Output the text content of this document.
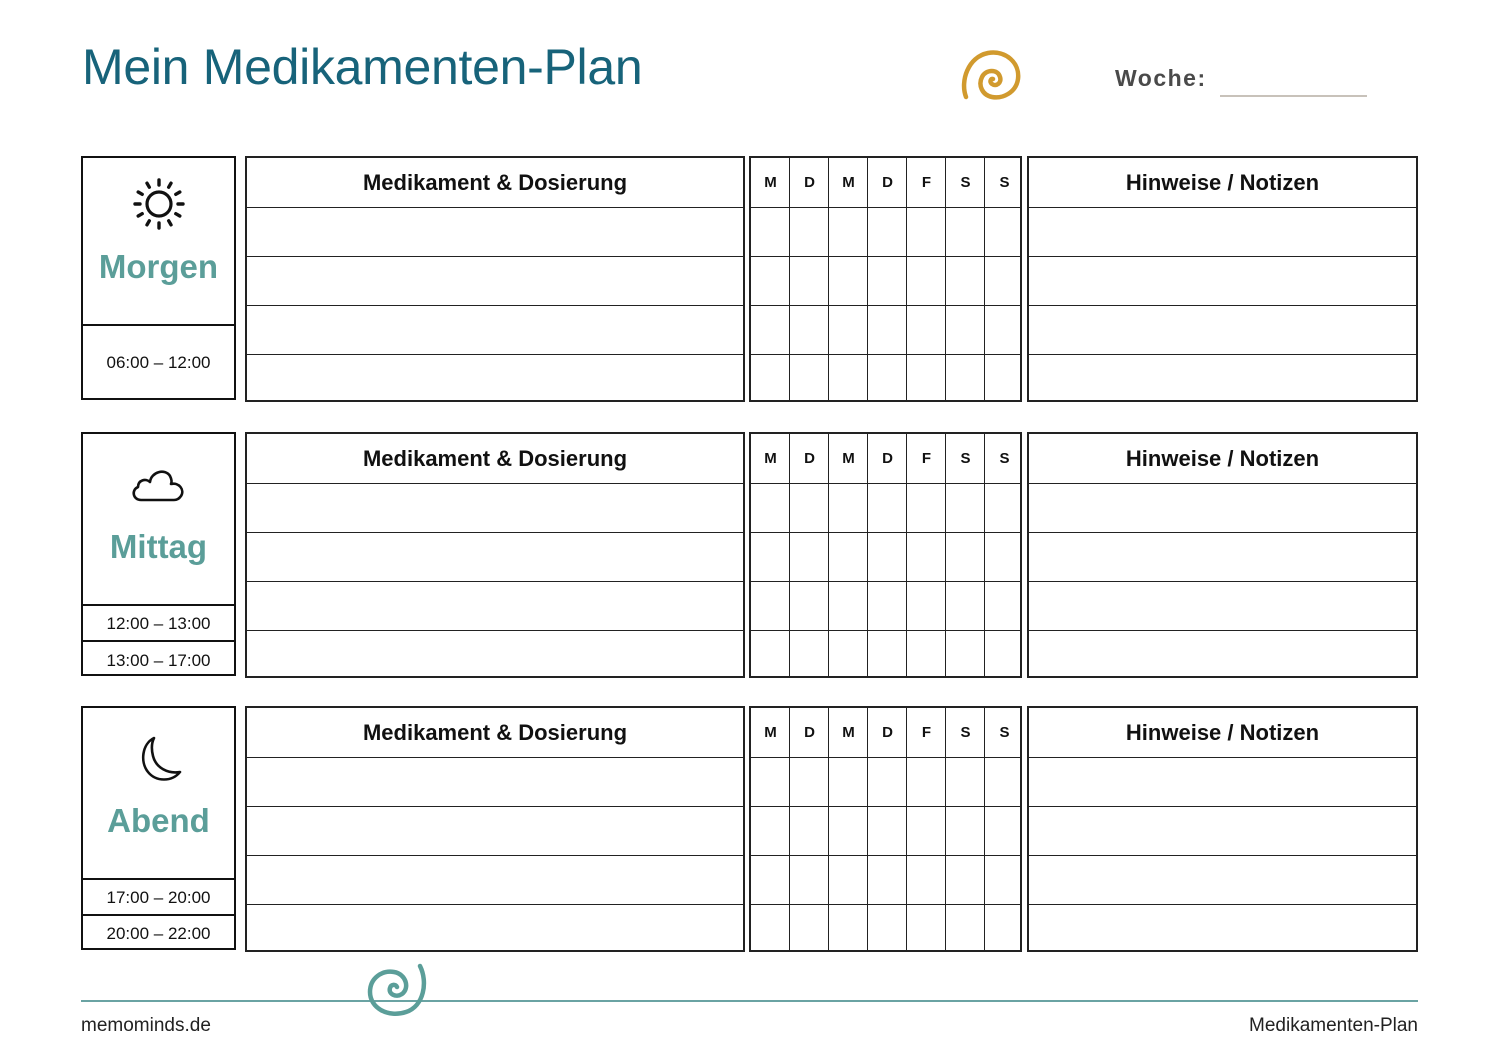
Mein Medikamenten-Plan	Woche:
Morgen
06:00 – 12:00
Medikament & Dosierung	M	D	M	D	F	S	S	Hinweise / Notizen
Mittag
12:00 – 13:00
13:00 – 17:00
Medikament & Dosierung	M	D	M	D	F	S	S	Hinweise / Notizen
Abend
17:00 – 20:00
20:00 – 22:00
Medikament & Dosierung	M	D	M	D	F	S	S	Hinweise / Notizen
memominds.de	Medikamenten-Plan
